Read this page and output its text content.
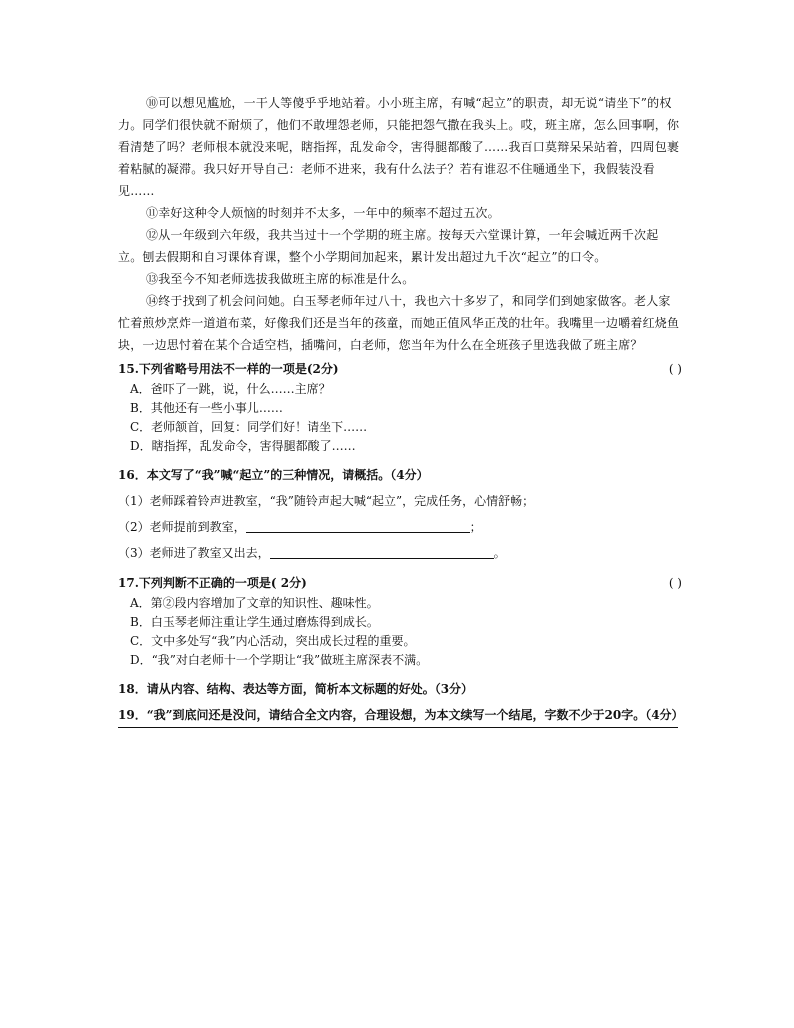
⑩可以想见尴尬，一干人等傻乎乎地站着。小小班主席，有喊“起立”的职责，却无说“请坐下”的权力。同学们很快就不耐烦了，他们不敢埋怨老师，只能把怨气撒在我头上。哎，班主席，怎么回事啊，你看清楚了吗？老师根本就没来呢，瞎指挥，乱发命令，害得腿都酸了……我百口莫辩呆呆站着，四周包裹着粘腻的凝滞。我只好开导自己：老师不进来，我有什么法子？若有谁忍不住嗵通坐下，我假装没看见……

⑪幸好这种令人烦恼的时刻并不太多，一年中的频率不超过五次。

⑫从一年级到六年级，我共当过十一个学期的班主席。按每天六堂课计算，一年会喊近两千次起立。刨去假期和自习课体育课，整个小学期间加起来，累计发出超过九千次“起立”的口令。

⑬我至今不知老师选拔我做班主席的标准是什么。

⑭终于找到了机会问问她。白玉琴老师年过八十，我也六十多岁了，和同学们到她家做客。老人家忙着煎炒烹炸一道道布菜，好像我们还是当年的孩童，而她正值风华正茂的壮年。我嘴里一边嚼着红烧鱼块，一边思忖着在某个合适空档，插嘴问，白老师，您当年为什么在全班孩子里选我做了班主席？

15.下列省略号用法不一样的一项是(2分)	( )

A．爸吓了一跳，说，什么……主席？

B．其他还有一些小事儿……

C．老师颔首，回复：同学们好！请坐下……

D．瞎指挥，乱发命令，害得腿都酸了……

16．本文写了“我”喊“起立”的三种情况，请概括。（4分）

（1）老师踩着铃声进教室，“我”随铃声起大喊“起立”，完成任务，心情舒畅；

（2）老师提前到教室，	；

（3）老师进了教室又出去，	。

17.下列判断不正确的一项是( 2分)	( )

A．第②段内容增加了文章的知识性、趣味性。

B．白玉琴老师注重让学生通过磨炼得到成长。

C．文中多处写“我”内心活动，突出成长过程的重要。

D．“我”对白老师十一个学期让“我”做班主席深表不满。

18．请从内容、结构、表达等方面，简析本文标题的好处。（3分）

19．“我”到底问还是没问，请结合全文内容，合理设想，为本文续写一个结尾，字数不少于20字。（4分）
